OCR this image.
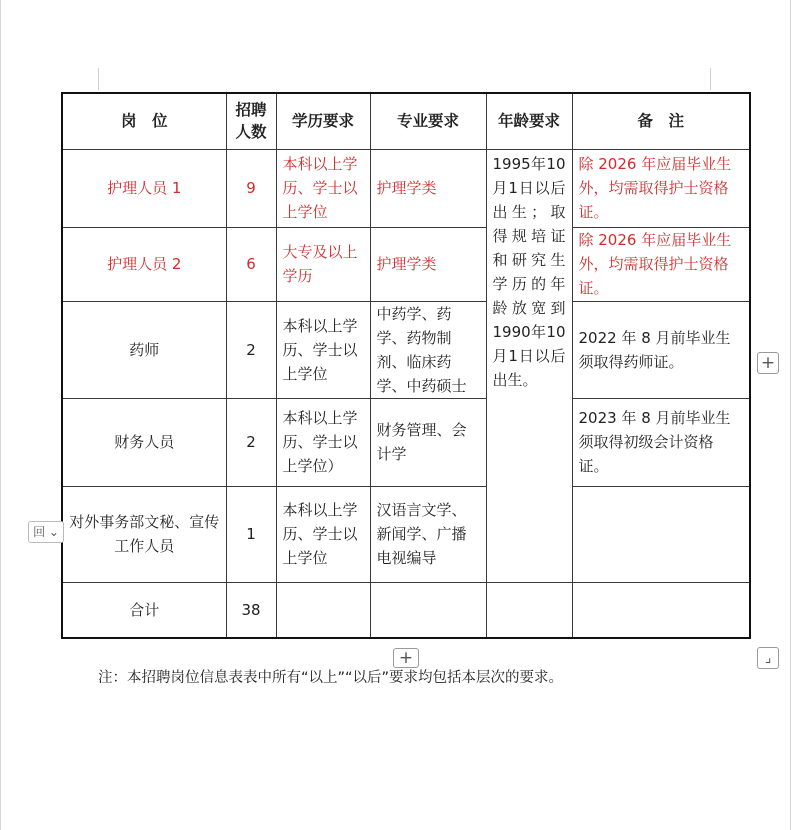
岗　位	招聘人数	学历要求	专业要求	年龄要求	备　注
护理人员 1	9	本科以上学历、学士以上学位	护理学类	1995年10月1日以后出生；取得规培证和研究生学历的年龄放宽到1990年10月1日以后出生。	除 2026 年应届毕业生外，均需取得护士资格证。
护理人员 2	6	大专及以上学历	护理学类		除 2026 年应届毕业生外，均需取得护士资格证。
药师	2	本科以上学历、学士以上学位	中药学、药学、药物制剂、临床药学、中药硕士		2022 年 8 月前毕业生须取得药师证。
财务人员	2	本科以上学历、学士以上学位）	财务管理、会计学		2023 年 8 月前毕业生须取得初级会计资格证。
对外事务部文秘、宣传工作人员	1	本科以上学历、学士以上学位	汉语言文学、新闻学、广播电视编导		
合计	38				
+
+	⌟
回 ⌄
注：本招聘岗位信息表表中所有“以上”“以后”要求均包括本层次的要求。
